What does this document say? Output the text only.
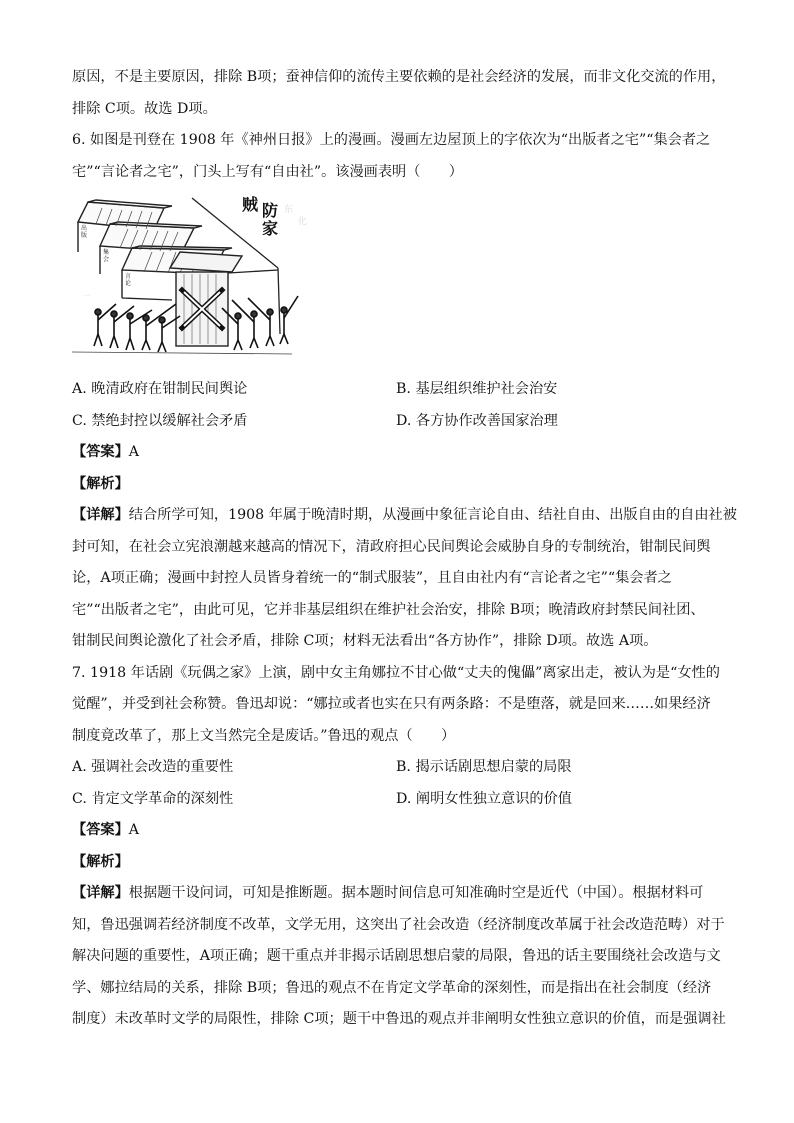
原因，不是主要原因，排除 B项；蚕神信仰的流传主要依赖的是社会经济的发展，而非文化交流的作用，

排除 C项。故选 D项。

6. 如图是刊登在 1908 年《神州日报》上的漫画。漫画左边屋顶上的字依次为“出版者之宅”“集会者之

宅”“言论者之宅”，门头上写有“自由社”。该漫画表明（　　）

东
化
一
出
版
集
会
言
论
防
贼
家
A. 晚清政府在钳制民间舆论	B. 基层组织维护社会治安
C. 禁绝封控以缓解社会矛盾	D. 各方协作改善国家治理

【答案】A

【解析】

【详解】结合所学可知，1908 年属于晚清时期，从漫画中象征言论自由、结社自由、出版自由的自由社被

封可知，在社会立宪浪潮越来越高的情况下，清政府担心民间舆论会威胁自身的专制统治，钳制民间舆

论，A项正确；漫画中封控人员皆身着统一的“制式服装”，且自由社内有“言论者之宅”“集会者之

宅”“出版者之宅”，由此可见，它并非基层组织在维护社会治安，排除 B项；晚清政府封禁民间社团、

钳制民间舆论激化了社会矛盾，排除 C项；材料无法看出“各方协作”，排除 D项。故选 A项。

7. 1918 年话剧《玩偶之家》上演，剧中女主角娜拉不甘心做“丈夫的傀儡”离家出走，被认为是“女性的

觉醒”，并受到社会称赞。鲁迅却说：“娜拉或者也实在只有两条路：不是堕落，就是回来……如果经济

制度竟改革了，那上文当然完全是废话。”鲁迅的观点（　　）

A. 强调社会改造的重要性	B. 揭示话剧思想启蒙的局限
C. 肯定文学革命的深刻性	D. 阐明女性独立意识的价值

【答案】A

【解析】

【详解】根据题干设问词，可知是推断题。据本题时间信息可知准确时空是近代（中国）。根据材料可

知，鲁迅强调若经济制度不改革，文学无用，这突出了社会改造（经济制度改革属于社会改造范畴）对于

解决问题的重要性，A项正确；题干重点并非揭示话剧思想启蒙的局限，鲁迅的话主要围绕社会改造与文

学、娜拉结局的关系，排除 B项；鲁迅的观点不在肯定文学革命的深刻性，而是指出在社会制度（经济

制度）未改革时文学的局限性，排除 C项；题干中鲁迅的观点并非阐明女性独立意识的价值，而是强调社
